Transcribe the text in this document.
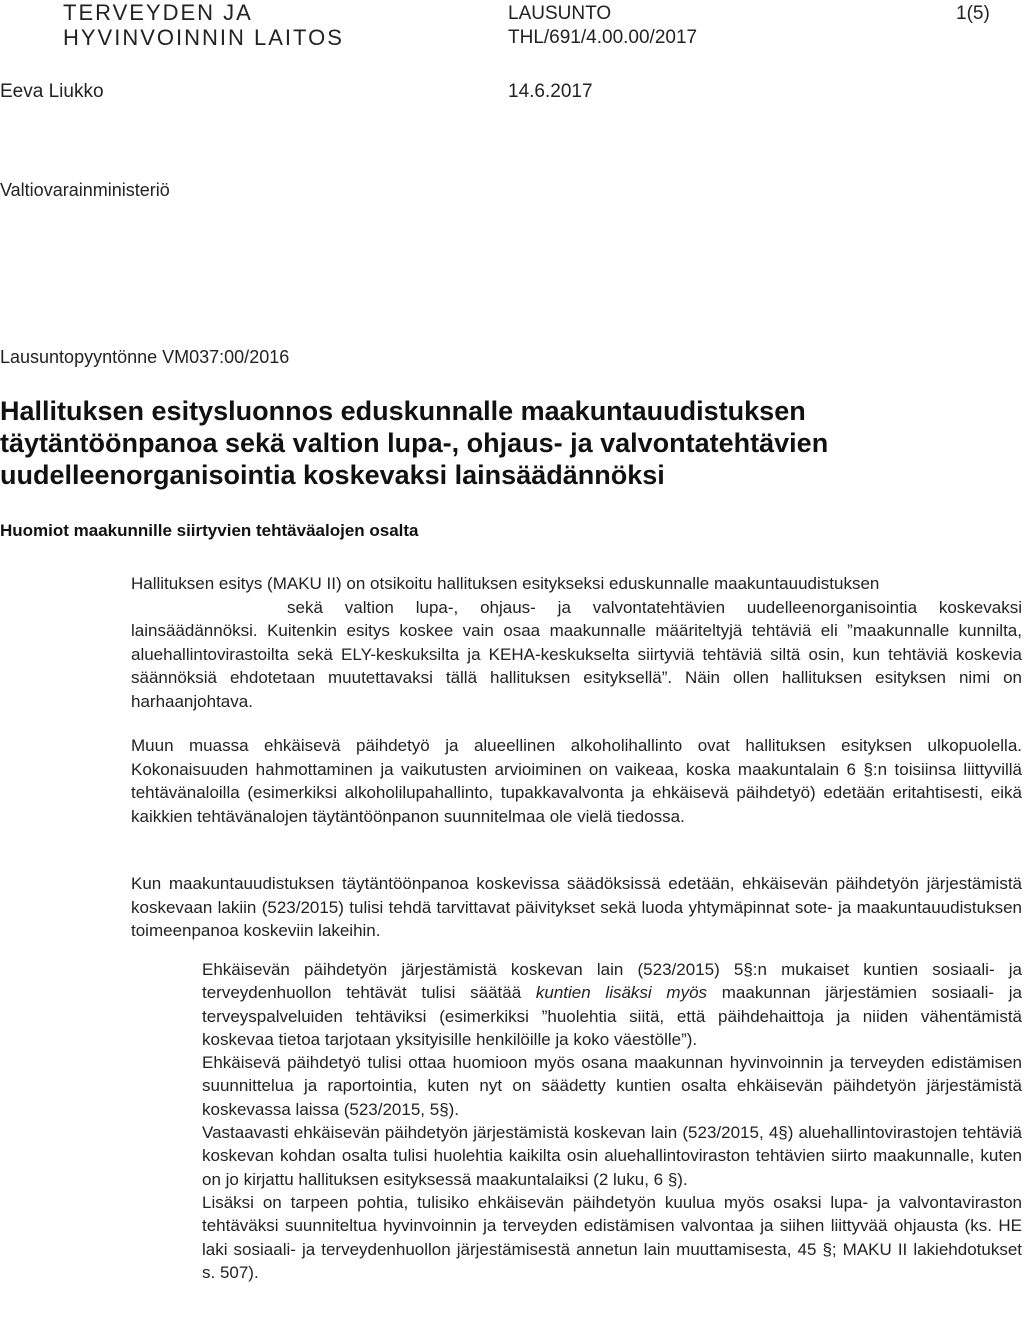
TERVEYDEN JA
HYVINVOINNIN LAITOS
LAUSUNTO
THL/691/4.00.00/2017
1(5)
Eeva Liukko	14.6.2017
Valtiovarainministeriö
Lausuntopyyntönne VM037:00/2016
Hallituksen esitysluonnos eduskunnalle maakuntauudistuksen
täytäntöönpanoa sekä valtion lupa-, ohjaus- ja valvontatehtävien
uudelleenorganisointia koskevaksi lainsäädännöksi
Huomiot maakunnille siirtyvien tehtäväalojen osalta
Hallituksen esitys (MAKU II) on otsikoitu hallituksen esitykseksi eduskunnalle maakuntauudistuksen
sekä valtion lupa-, ohjaus- ja valvontatehtävien uudelleenorganisointia koskevaksi lainsäädännöksi. Kuitenkin esitys koskee vain osaa maakunnalle määriteltyjä tehtäviä eli ”maakunnalle kunnilta, aluehallintovirastoilta sekä ELY-keskuksilta ja KEHA-keskukselta siirtyviä tehtäviä siltä osin, kun tehtäviä koskevia säännöksiä ehdotetaan muutettavaksi tällä hallituksen esityksellä”. Näin ollen hallituksen esityksen nimi on harhaanjohtava.
Muun muassa ehkäisevä päihdetyö ja alueellinen alkoholihallinto ovat hallituksen esityksen ulkopuolella. Kokonaisuuden hahmottaminen ja vaikutusten arvioiminen on vaikeaa, koska maakuntalain 6 §:n toisiinsa liittyvillä tehtävänaloilla (esimerkiksi alkoholilupahallinto, tupakkavalvonta ja ehkäisevä päihdetyö) edetään eritahtisesti, eikä kaikkien tehtävänalojen täytäntöönpanon suunnitelmaa ole vielä tiedossa.
Kun maakuntauudistuksen täytäntöönpanoa koskevissa säädöksissä edetään, ehkäisevän päihdetyön järjestämistä koskevaan lakiin (523/2015) tulisi tehdä tarvittavat päivitykset sekä luoda yhtymäpinnat sote- ja maakuntauudistuksen toimeenpanoa koskeviin lakeihin.

Ehkäisevän päihdetyön järjestämistä koskevan lain (523/2015) 5§:n mukaiset kuntien sosiaali- ja terveydenhuollon tehtävät tulisi säätää kuntien lisäksi myös maakunnan järjestämien sosiaali- ja terveyspalveluiden tehtäviksi (esimerkiksi ”huolehtia siitä, että päihdehaittoja ja niiden vähentämistä koskevaa tietoa tarjotaan yksityisille henkilöille ja koko väestölle”).

Ehkäisevä päihdetyö tulisi ottaa huomioon myös osana maakunnan hyvinvoinnin ja terveyden edistämisen suunnittelua ja raportointia, kuten nyt on säädetty kuntien osalta ehkäisevän päihdetyön järjestämistä koskevassa laissa (523/2015, 5§).

Vastaavasti ehkäisevän päihdetyön järjestämistä koskevan lain (523/2015, 4§) aluehallintovirastojen tehtäviä koskevan kohdan osalta tulisi huolehtia kaikilta osin aluehallintoviraston tehtävien siirto maakunnalle, kuten on jo kirjattu hallituksen esityksessä maakuntalaiksi (2 luku, 6 §).

Lisäksi on tarpeen pohtia, tulisiko ehkäisevän päihdetyön kuulua myös osaksi lupa- ja valvontaviraston tehtäväksi suunniteltua hyvinvoinnin ja terveyden edistämisen valvontaa ja siihen liittyvää ohjausta (ks. HE laki sosiaali- ja terveydenhuollon järjestämisestä annetun lain muuttamisesta, 45 §; MAKU II lakiehdotukset s. 507).
